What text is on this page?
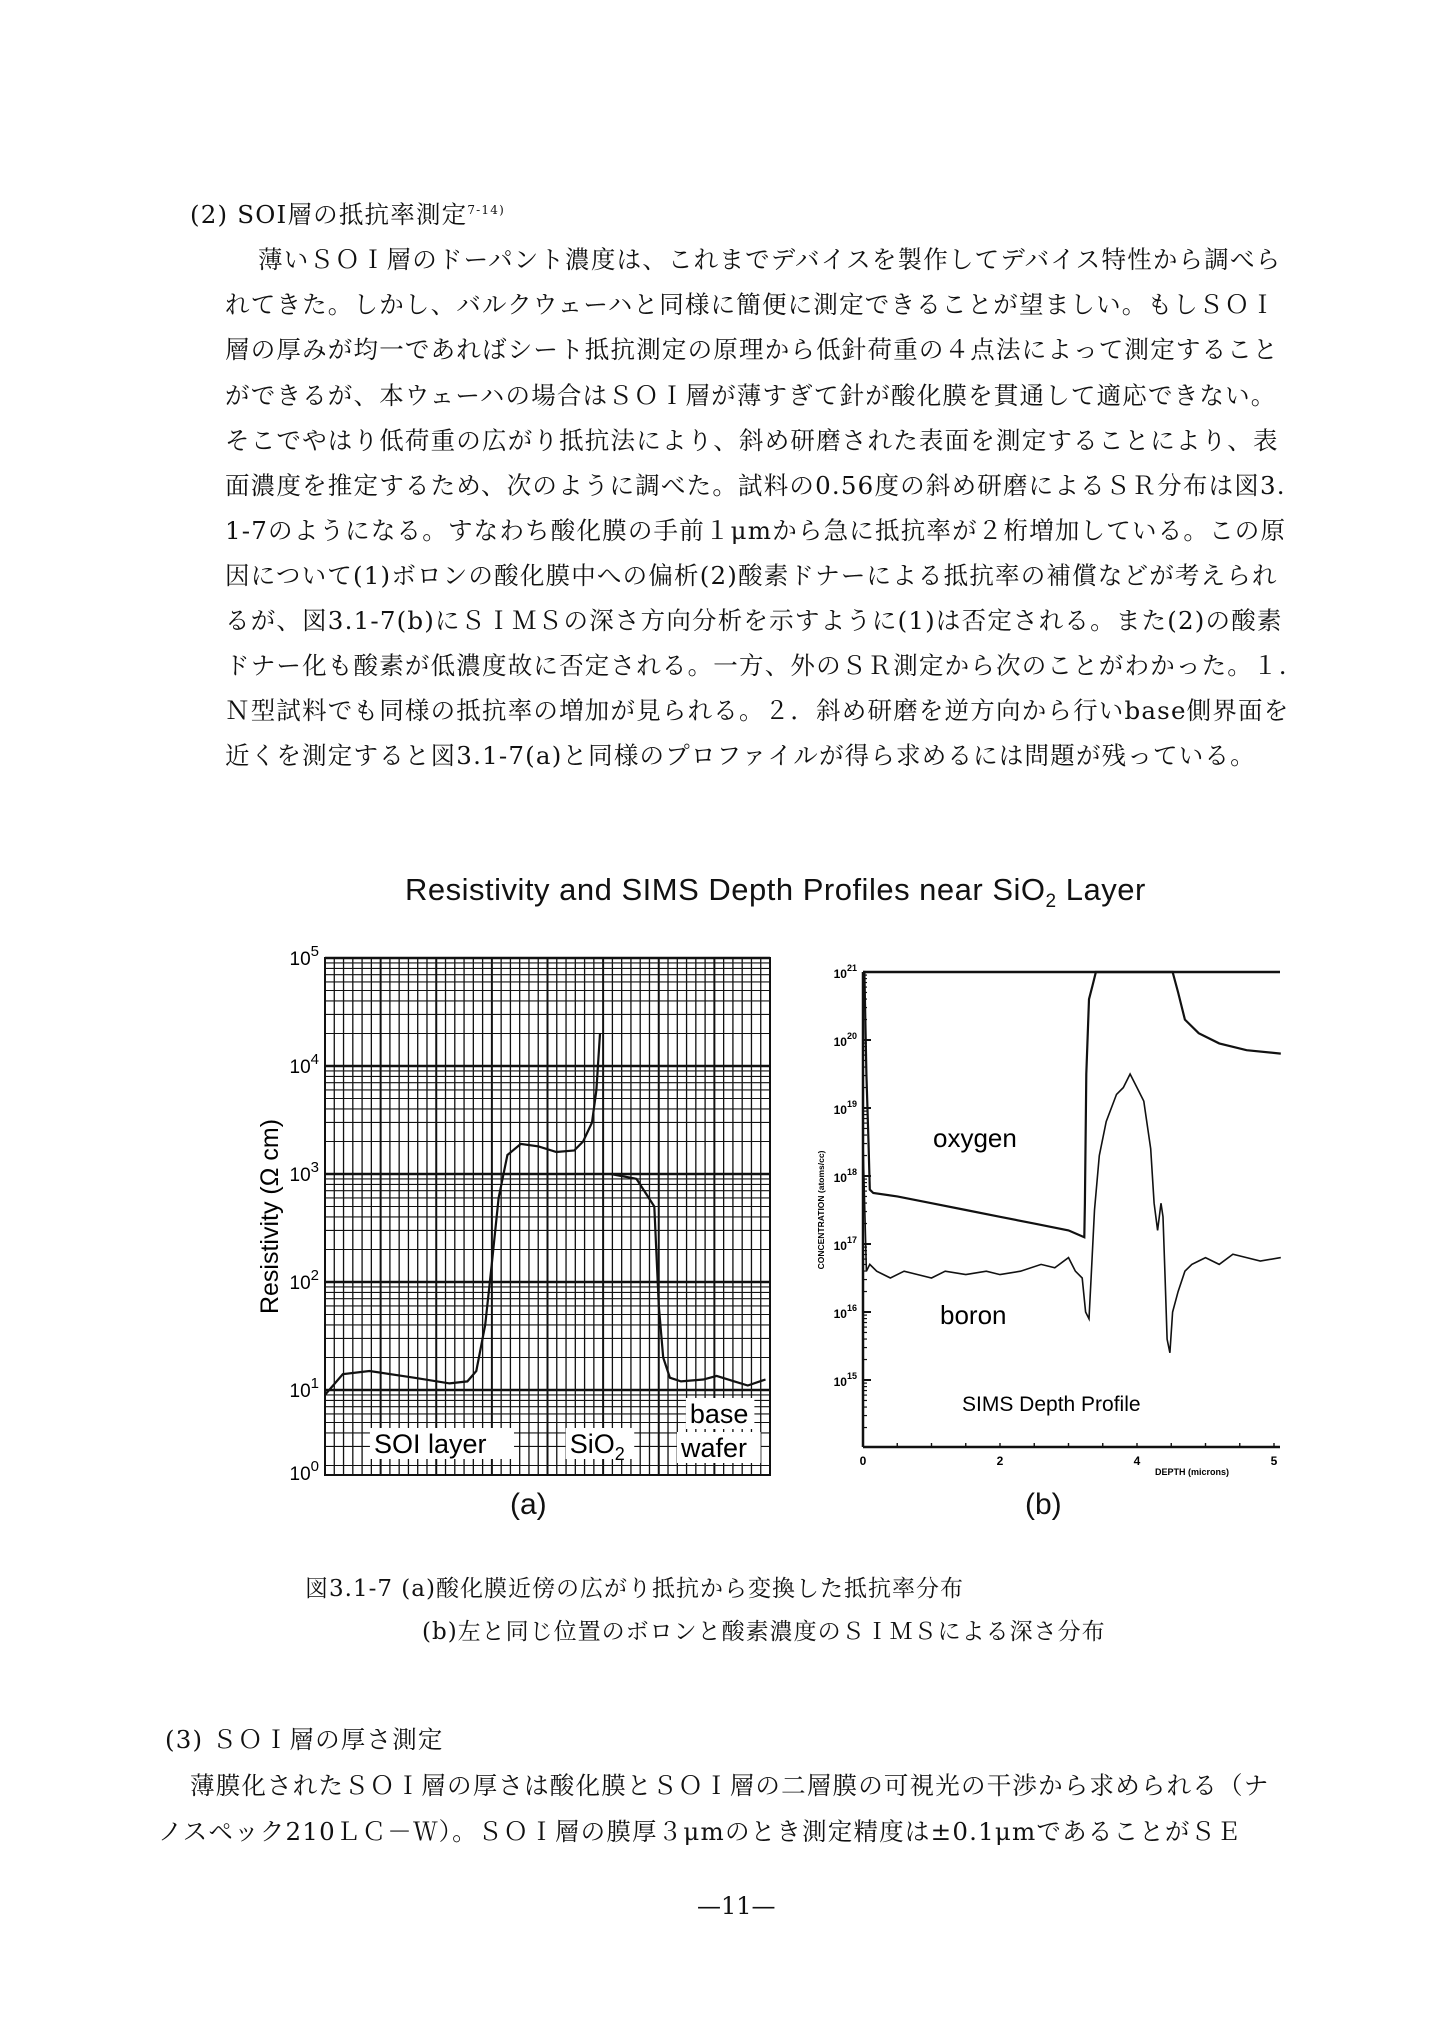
(2) SOI層の抵抗率測定$^{7-14)}$
薄いＳＯＩ層のドーパント濃度は、これまでデバイスを製作してデバイス特性から調べら
れてきた。しかし、バルクウェーハと同様に簡便に測定できることが望ましい。もしＳＯＩ
層の厚みが均一であればシート抵抗測定の原理から低針荷重の４点法によって測定すること
ができるが、本ウェーハの場合はＳＯＩ層が薄すぎて針が酸化膜を貫通して適応できない。
そこでやはり低荷重の広がり抵抗法により、斜め研磨された表面を測定することにより、表
面濃度を推定するため、次のように調べた。試料の0.56度の斜め研磨によるＳＲ分布は図3.
1-7のようになる。すなわち酸化膜の手前１μmから急に抵抗率が２桁増加している。この原
因について(1)ボロンの酸化膜中への偏析(2)酸素ドナーによる抵抗率の補償などが考えられ
るが、図3.1-7(b)にＳＩＭＳの深さ方向分析を示すように(1)は否定される。また(2)の酸素
ドナー化も酸素が低濃度故に否定される。一方、外のＳＲ測定から次のことがわかった。１.
Ｎ型試料でも同様の抵抗率の増加が見られる。２．斜め研磨を逆方向から行いbase側界面を
近くを測定すると図3.1-7(a)と同様のプロファイルが得ら求めるには問題が残っている。
Resistivity and SIMS Depth Profiles near SiO$_2$ Layer
$10^5$
$10^4$
$10^3$
$10^2$
$10^1$
$10^0$
SOI layer	SiO$_2$
base
wafer
Resistivity (Ω cm)
$10^{21}$
$10^{20}$
$10^{19}$
$10^{18}$
$10^{17}$
$10^{16}$
$10^{15}$
0	2	4	5
oxygen
boron
SIMS Depth Profile
DEPTH (microns)
CONCENTRATION (atoms/cc)
(a)	(b)
図3.1-7 (a)酸化膜近傍の広がり抵抗から変換した抵抗率分布
(b)左と同じ位置のボロンと酸素濃度のＳＩＭＳによる深さ分布
(3) ＳＯＩ層の厚さ測定
薄膜化されたＳＯＩ層の厚さは酸化膜とＳＯＩ層の二層膜の可視光の干渉から求められる（ナ
ノスペック210ＬＣ－Ｗ）。ＳＯＩ層の膜厚３μmのとき測定精度は±0.1μmであることがＳＥ
—11—
